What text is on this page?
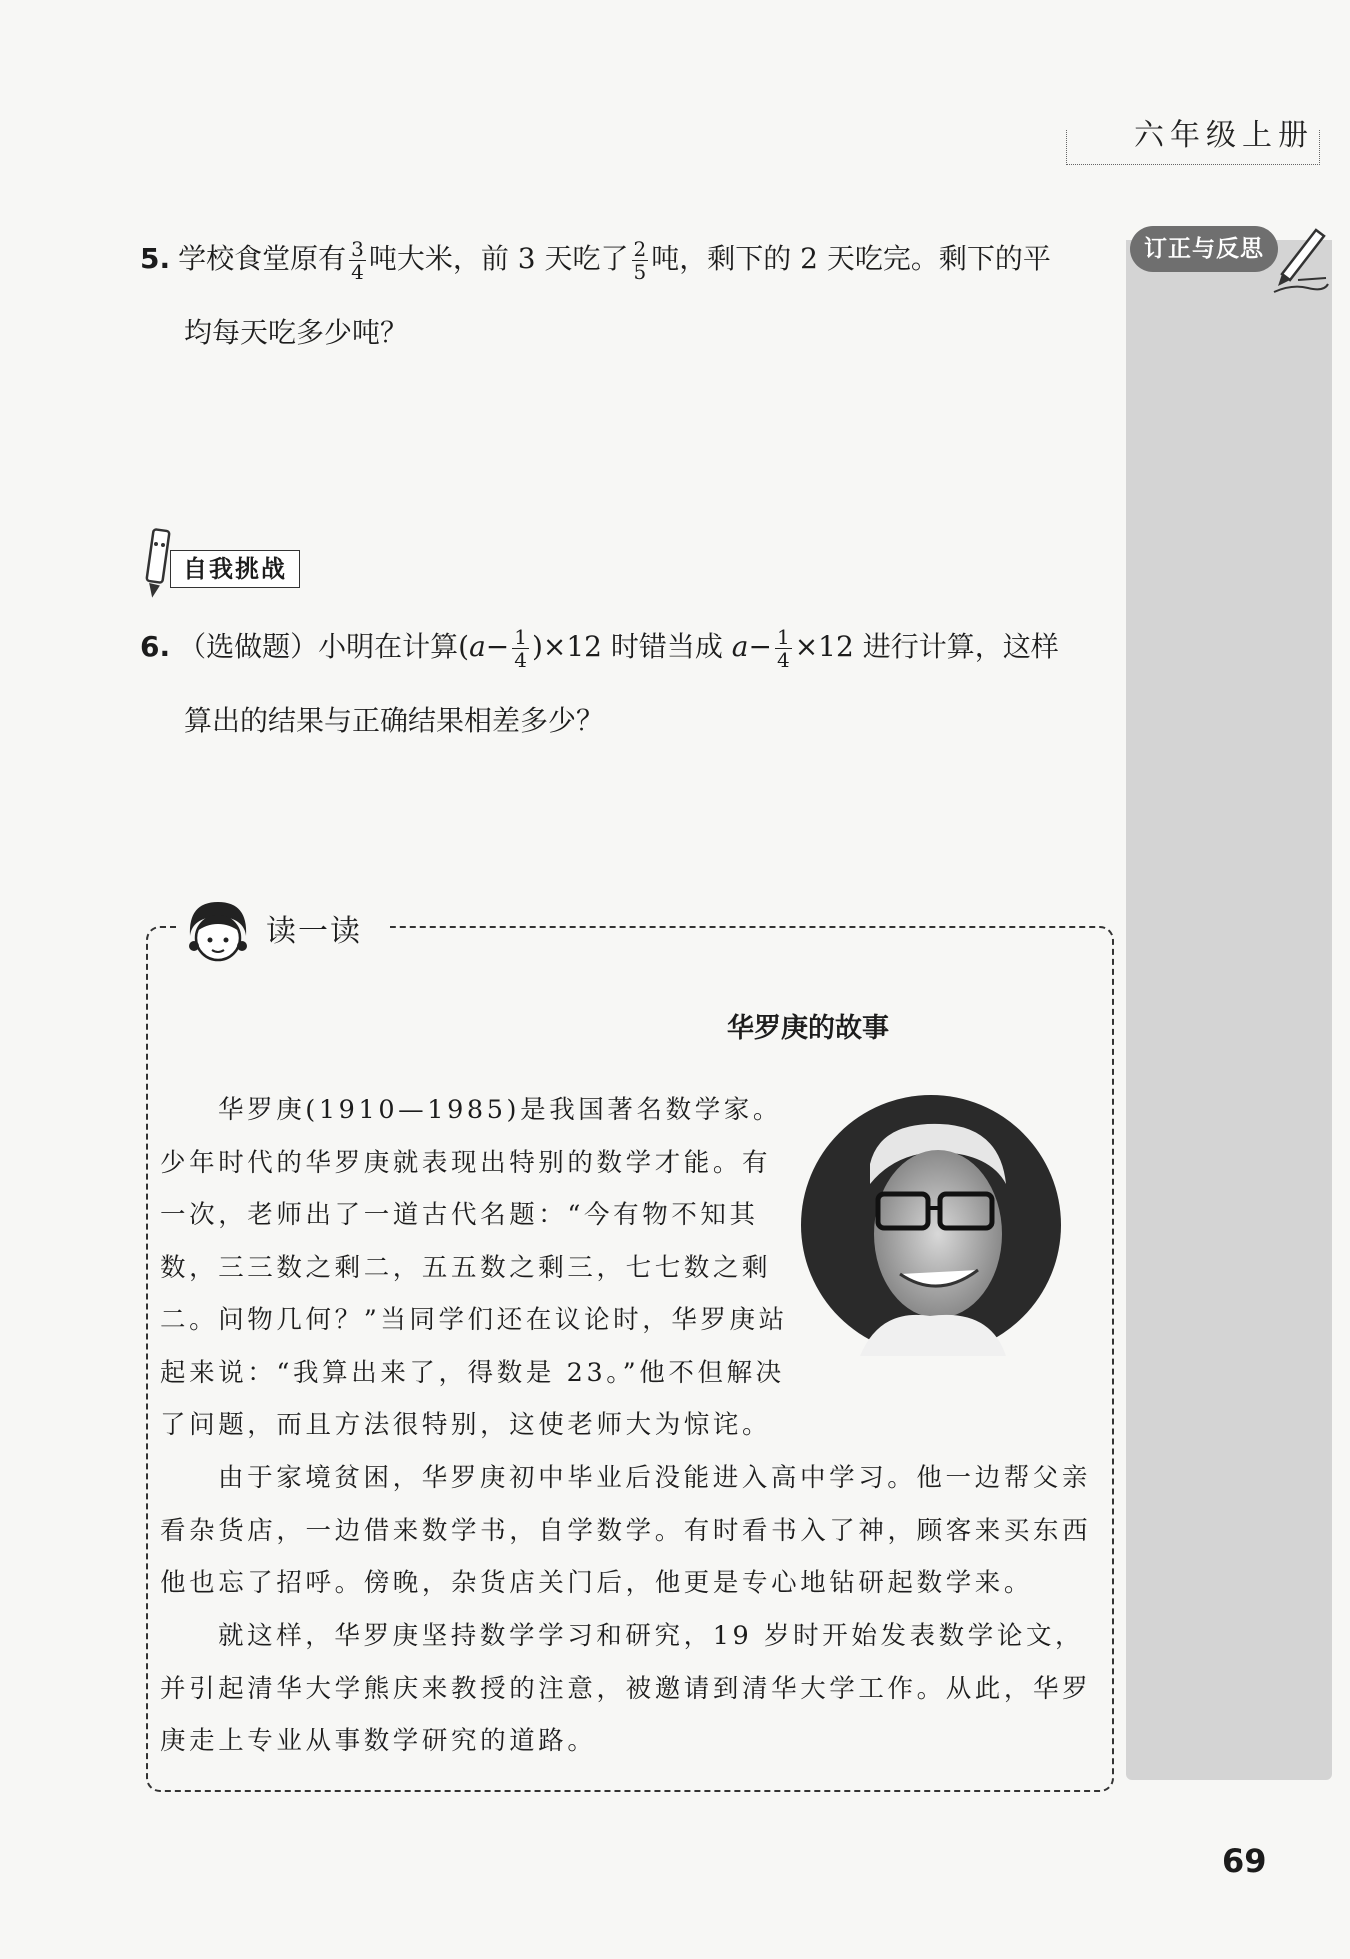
六年级上册
订正与反思
5. 学校食堂原有 $\frac{3}{4}$ 吨大米，前 3 天吃了 $\frac{2}{5}$ 吨，剩下的 2 天吃完。剩下的平
均每天吃多少吨？
自我挑战
6. （选做题）小明在计算$(a- \frac{1}{4} )\times 12$ 时错当成 $a- \frac{1}{4} \times 12$ 进行计算，这样
算出的结果与正确结果相差多少？
读一读
华罗庚的故事
华罗庚(1910—1985)是我国著名数学家。少年时代的华罗庚就表现出特别的数学才能。有一次，老师出了一道古代名题：“今有物不知其数，三三数之剩二，五五数之剩三，七七数之剩二。问物几何？”当同学们还在议论时，华罗庚站起来说：“我算出来了，得数是 23。”他不但解决了问题，而且方法很特别，这使老师大为惊诧。
由于家境贫困，华罗庚初中毕业后没能进入高中学习。他一边帮父亲看杂货店，一边借来数学书，自学数学。有时看书入了神，顾客来买东西他也忘了招呼。傍晚，杂货店关门后，他更是专心地钻研起数学来。
就这样，华罗庚坚持数学学习和研究，19 岁时开始发表数学论文，并引起清华大学熊庆来教授的注意，被邀请到清华大学工作。从此，华罗庚走上专业从事数学研究的道路。
69
